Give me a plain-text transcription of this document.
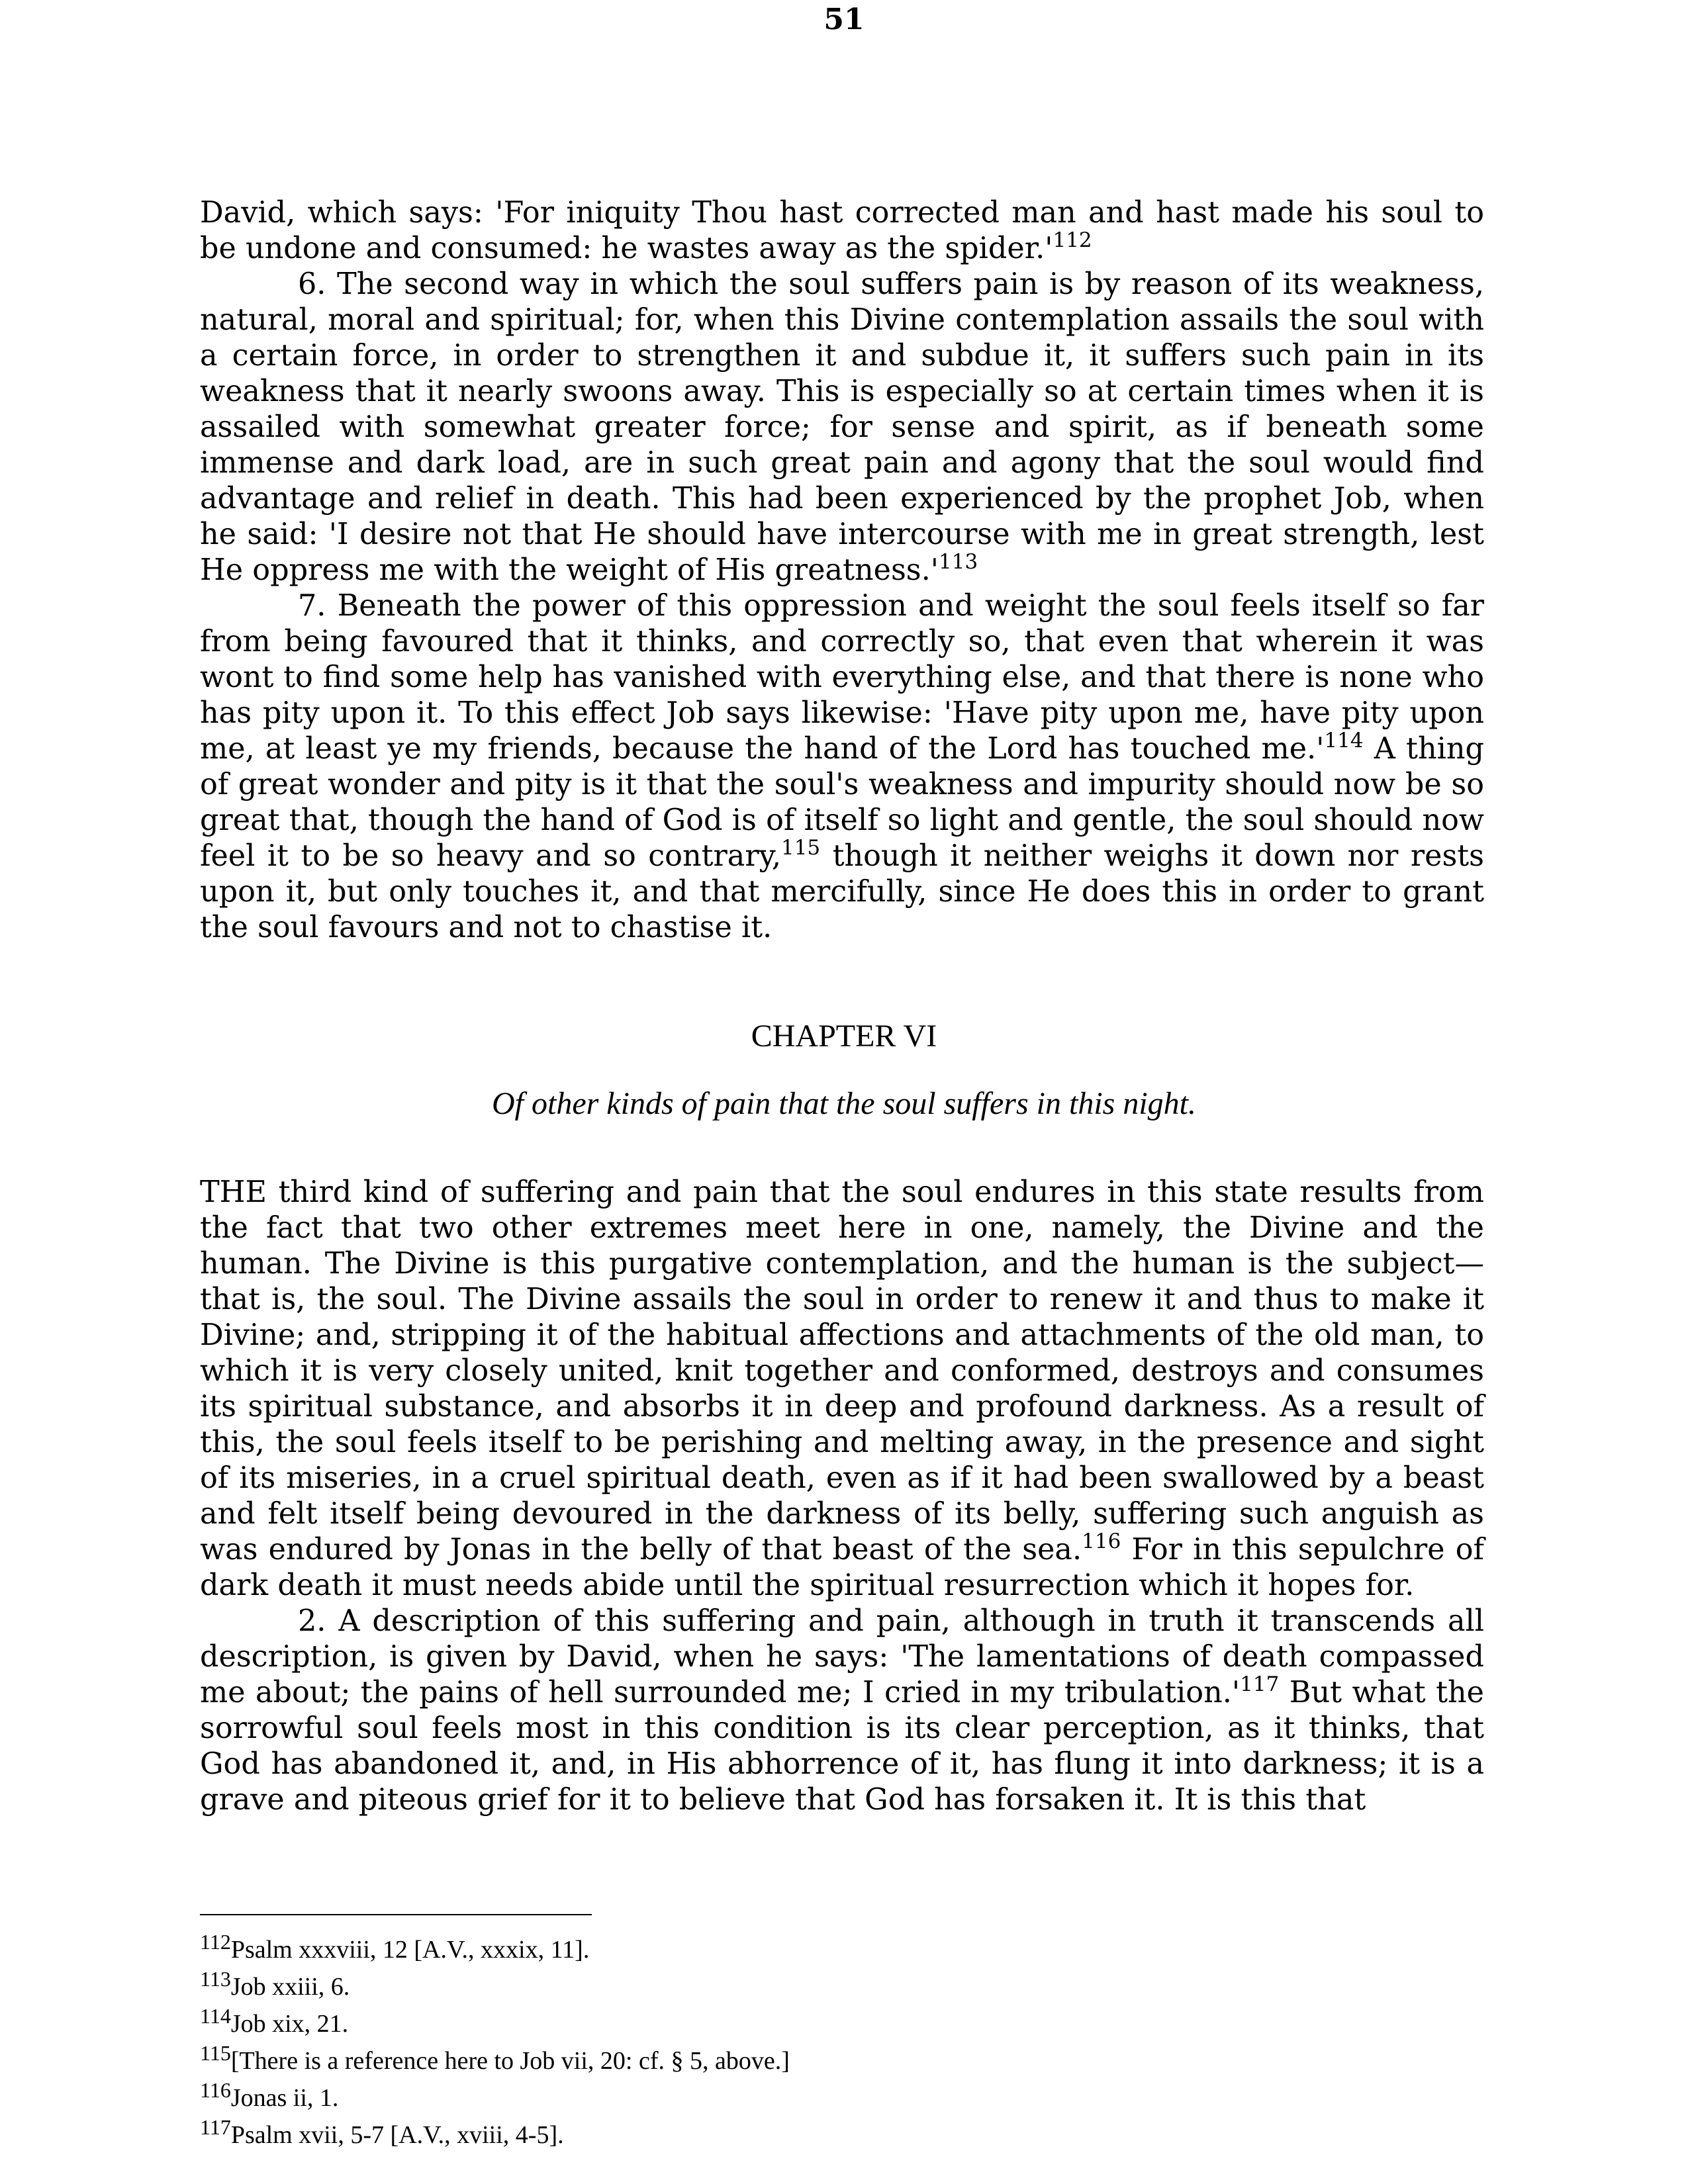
51

David, which says: 'For iniquity Thou hast corrected man and hast made his soul to be undone and consumed: he wastes away as the $spider.'^{112}$

6. The second way in which the soul suffers pain is by reason of its weakness, natural, moral and spiritual; for, when this Divine contemplation assails the soul with a certain force, in order to strengthen it and subdue it, it suffers such pain in its weakness that it nearly swoons away. This is especially so at certain times when it is assailed with somewhat greater force; for sense and spirit, as if beneath some immense and dark load, are in such great pain and agony that the soul would find advantage and relief in death. This had been experienced by the prophet Job, when he said: 'I desire not that He should have intercourse with me in great strength, lest He oppress me with the weight of His $greatness.'^{113}$

7. Beneath the power of this oppression and weight the soul feels itself so far from being favoured that it thinks, and correctly so, that even that wherein it was wont to find some help has vanished with everything else, and that there is none who has pity upon it. To this effect Job says likewise: 'Have pity upon me, have pity upon me, at least ye my friends, because the hand of the Lord has touched $me.'^{114}$ A thing of great wonder and pity is it that the soul's weakness and impurity should now be so great that, though the hand of God is of itself so light and gentle, the soul should now feel it to be so heavy and so contrary,$^{115}$ though it neither weighs it down nor rests upon it, but only touches it, and that mercifully, since He does this in order to grant the soul favours and not to chastise it.

CHAPTER VI
Of other kinds of pain that the soul suffers in this night.

THE third kind of suffering and pain that the soul endures in this state results from the fact that two other extremes meet here in one, namely, the Divine and the human. The Divine is this purgative contemplation, and the human is the subject— that is, the soul. The Divine assails the soul in order to renew it and thus to make it Divine; and, stripping it of the habitual affections and attachments of the old man, to which it is very closely united, knit together and conformed, destroys and consumes its spiritual substance, and absorbs it in deep and profound darkness. As a result of this, the soul feels itself to be perishing and melting away, in the presence and sight of its miseries, in a cruel spiritual death, even as if it had been swallowed by a beast and felt itself being devoured in the darkness of its belly, suffering such anguish as was endured by Jonas in the belly of that beast of the sea.$^{116}$ For in this sepulchre of dark death it must needs abide until the spiritual resurrection which it hopes for.

2. A description of this suffering and pain, although in truth it transcends all description, is given by David, when he says: 'The lamentations of death compassed me about; the pains of hell surrounded me; I cried in my $tribulation.'^{117}$ But what the sorrowful soul feels most in this condition is its clear perception, as it thinks, that God has abandoned it, and, in His abhorrence of it, has flung it into darkness; it is a grave and piteous grief for it to believe that God has forsaken it. It is this that

$^{112}$Psalm xxxviii, 12 [A.V., xxxix, 11].
$^{113}$Job xxiii, 6.
$^{114}$Job xix, 21.
$^{115}$[There is a reference here to Job vii, 20: cf. § 5, above.]
$^{116}$Jonas ii, 1.
$^{117}$Psalm xvii, 5-7 [A.V., xviii, 4-5].
